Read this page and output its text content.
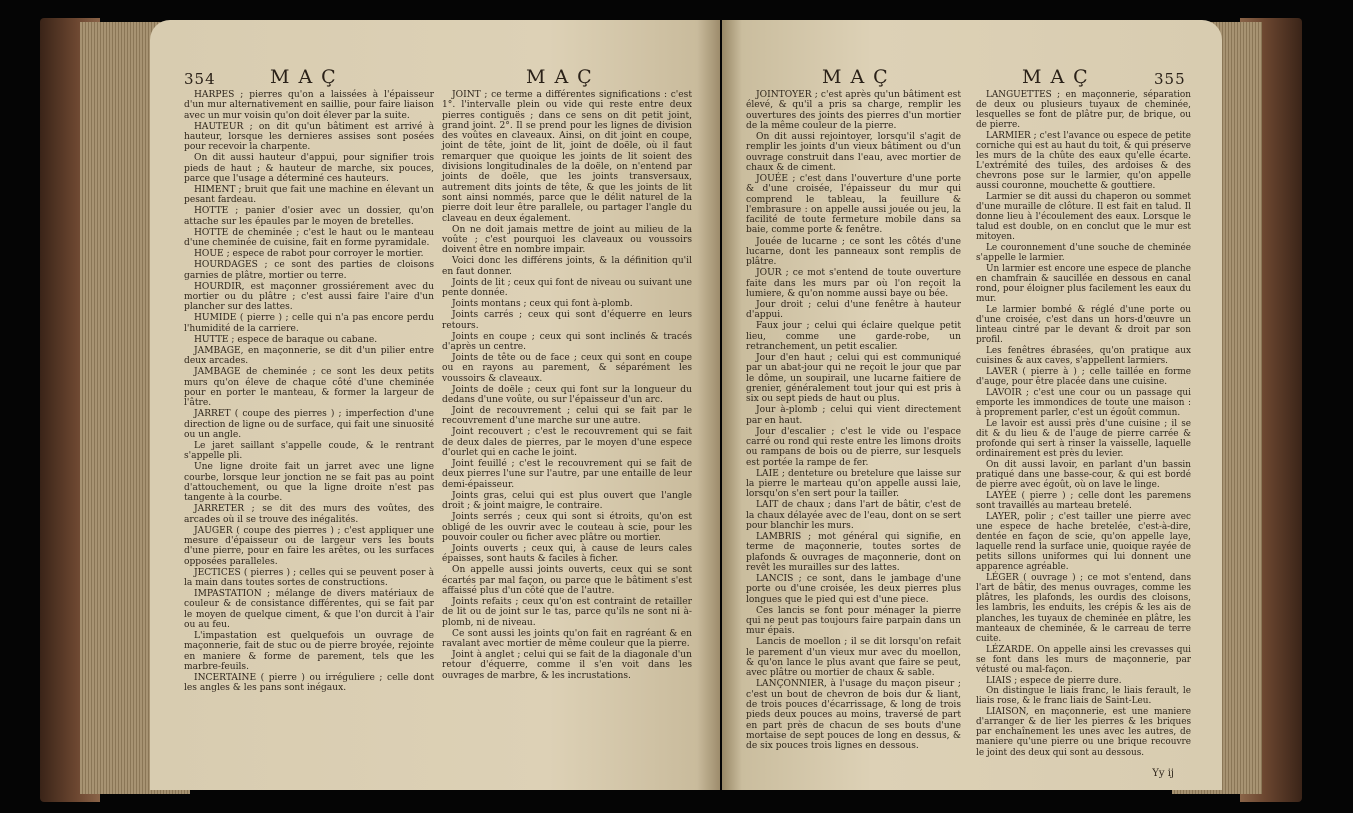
354	MAÇ	MAÇ

HARPES ; pierres qu'on a laissées à l'épaisseur d'un mur alternativement en saillie, pour faire liaison avec un mur voisin qu'on doit élever par la suite.

HAUTEUR ; on dit qu'un bâtiment est arrivé à hauteur, lorsque les dernieres assises sont posées pour recevoir la charpente.

On dit aussi hauteur d'appui, pour signifier trois pieds de haut ; & hauteur de marche, six pouces, parce que l'usage a déterminé ces hauteurs.

HIMENT ; bruit que fait une machine en élevant un pesant fardeau.

HOTTE ; panier d'osier avec un dossier, qu'on attache sur les épaules par le moyen de bretelles.

HOTTE de cheminée ; c'est le haut ou le manteau d'une cheminée de cuisine, fait en forme pyramidale.

HOUE ; espece de rabot pour corroyer le mortier.

HOURDAGES ; ce sont des parties de cloisons garnies de plâtre, mortier ou terre.

HOURDIR, est maçonner grossiérement avec du mortier ou du plâtre ; c'est aussi faire l'aire d'un plancher sur des lattes.

HUMIDE ( pierre ) ; celle qui n'a pas encore perdu l'humidité de la carriere.

HUTTE ; espece de baraque ou cabane.

JAMBAGE, en maçonnerie, se dit d'un pilier entre deux arcades.

JAMBAGE de cheminée ; ce sont les deux petits murs qu'on éleve de chaque côté d'une cheminée pour en porter le manteau, & former la largeur de l'âtre.

JARRET ( coupe des pierres ) ; imperfection d'une direction de ligne ou de surface, qui fait une sinuosité ou un angle.

Le jaret saillant s'appelle coude, & le rentrant s'appelle pli.

Une ligne droite fait un jarret avec une ligne courbe, lorsque leur jonction ne se fait pas au point d'attouchement, ou que la ligne droite n'est pas tangente à la courbe.

JARRETER ; se dit des murs des voûtes, des arcades où il se trouve des inégalités.

JAUGER ( coupe des pierres ) ; c'est appliquer une mesure d'épaisseur ou de largeur vers les bouts d'une pierre, pour en faire les arêtes, ou les surfaces opposées paralleles.

JECTICES ( pierres ) ; celles qui se peuvent poser à la main dans toutes sortes de constructions.

IMPASTATION ; mélange de divers matériaux de couleur & de consistance différentes, qui se fait par le moyen de quelque ciment, & que l'on durcit à l'air ou au feu.

L'impastation est quelquefois un ouvrage de maçonnerie, fait de stuc ou de pierre broyée, rejointe en maniere & forme de parement, tels que les marbre-feuils.

INCERTAINE ( pierre ) ou irréguliere ; celle dont les angles & les pans sont inégaux.

JOINT ; ce terme a différentes significations : c'est 1°. l'intervalle plein ou vide qui reste entre deux pierres contiguës ; dans ce sens on dit petit joint, grand joint. 2°. Il se prend pour les lignes de division des voûtes en claveaux. Ainsi, on dit joint en coupe, joint de tête, joint de lit, joint de doële, où il faut remarquer que quoique les joints de lit soient des divisions longitudinales de la doële, on n'entend par joints de doële, que les joints transversaux, autrement dits joints de tête, & que les joints de lit sont ainsi nommés, parce que le délit naturel de la pierre doit leur être parallele, ou partager l'angle du claveau en deux également.

On ne doit jamais mettre de joint au milieu de la voûte ; c'est pourquoi les claveaux ou voussoirs doivent être en nombre impair.

Voici donc les différens joints, & la définition qu'il en faut donner.

Joints de lit ; ceux qui font de niveau ou suivant une pente donnée.

Joints montans ; ceux qui font à-plomb.

Joints carrés ; ceux qui sont d'équerre en leurs retours.

Joints en coupe ; ceux qui sont inclinés & tracés d'après un centre.

Joints de tête ou de face ; ceux qui sont en coupe ou en rayons au parement, & séparément les voussoirs & claveaux.

Joints de doële ; ceux qui font sur la longueur du dedans d'une voûte, ou sur l'épaisseur d'un arc.

Joint de recouvrement ; celui qui se fait par le recouvrement d'une marche sur une autre.

Joint recouvert ; c'est le recouvrement qui se fait de deux dales de pierres, par le moyen d'une espece d'ourlet qui en cache le joint.

Joint feuillé ; c'est le recouvrement qui se fait de deux pierres l'une sur l'autre, par une entaille de leur demi-épaisseur.

Joints gras, celui qui est plus ouvert que l'angle droit ; & joint maigre, le contraire.

Joints serrés ; ceux qui sont si étroits, qu'on est obligé de les ouvrir avec le couteau à scie, pour les pouvoir couler ou ficher avec plâtre ou mortier.

Joints ouverts ; ceux qui, à cause de leurs cales épaisses, sont hauts & faciles à ficher.

On appelle aussi joints ouverts, ceux qui se sont écartés par mal façon, ou parce que le bâtiment s'est affaissé plus d'un côté que de l'autre.

Joints refaits ; ceux qu'on est contraint de retailler de lit ou de joint sur le tas, parce qu'ils ne sont ni à-plomb, ni de niveau.

Ce sont aussi les joints qu'on fait en ragréant & en ravalant avec mortier de même couleur que la pierre.

Joint à anglet ; celui qui se fait de la diagonale d'un retour d'équerre, comme il s'en voit dans les ouvrages de marbre, & les incrustations.

MAÇ	MAÇ	355

JOINTOYER ; c'est après qu'un bâtiment est élevé, & qu'il a pris sa charge, remplir les ouvertures des joints des pierres d'un mortier de la même couleur de la pierre.

On dit aussi rejointoyer, lorsqu'il s'agit de remplir les joints d'un vieux bâtiment ou d'un ouvrage construit dans l'eau, avec mortier de chaux & de ciment.

JOUÉE ; c'est dans l'ouverture d'une porte & d'une croisée, l'épaisseur du mur qui comprend le tableau, la feuillure & l'embrasure : on appelle aussi jouée ou jeu, la facilité de toute fermeture mobile dans sa baie, comme porte & fenêtre.

Jouée de lucarne ; ce sont les côtés d'une lucarne, dont les panneaux sont remplis de plâtre.

JOUR ; ce mot s'entend de toute ouverture faite dans les murs par où l'on reçoit la lumiere, & qu'on nomme aussi baye ou bée.

Jour droit ; celui d'une fenêtre à hauteur d'appui.

Faux jour ; celui qui éclaire quelque petit lieu, comme une garde-robe, un retranchement, un petit escalier.

Jour d'en haut ; celui qui est communiqué par un abat-jour qui ne reçoit le jour que par le dôme, un soupirail, une lucarne faitiere de grenier, généralement tout jour qui est pris à six ou sept pieds de haut ou plus.

Jour à-plomb ; celui qui vient directement par en haut.

Jour d'escalier ; c'est le vide ou l'espace carré ou rond qui reste entre les limons droits ou rampans de bois ou de pierre, sur lesquels est portée la rampe de fer.

LAIE ; denteture ou bretelure que laisse sur la pierre le marteau qu'on appelle aussi laie, lorsqu'on s'en sert pour la tailler.

LAIT de chaux ; dans l'art de bâtir, c'est de la chaux délayée avec de l'eau, dont on se sert pour blanchir les murs.

LAMBRIS ; mot général qui signifie, en terme de maçonnerie, toutes sortes de plafonds & ouvrages de maçonnerie, dont on revêt les murailles sur des lattes.

LANCIS ; ce sont, dans le jambage d'une porte ou d'une croisée, les deux pierres plus longues que le pied qui est d'une piece.

Ces lancis se font pour ménager la pierre qui ne peut pas toujours faire parpain dans un mur épais.

Lancis de moellon ; il se dit lorsqu'on refait le parement d'un vieux mur avec du moellon, & qu'on lance le plus avant que faire se peut, avec plâtre ou mortier de chaux & sable.

LANÇONNIER, à l'usage du maçon piseur ; c'est un bout de chevron de bois dur & liant, de trois pouces d'écarrissage, & long de trois pieds deux pouces au moins, traversé de part en part près de chacun de ses bouts d'une mortaise de sept pouces de long en dessus, & de six pouces trois lignes en dessous.

LANGUETTES ; en maçonnerie, séparation de deux ou plusieurs tuyaux de cheminée, lesquelles se font de plâtre pur, de brique, ou de pierre.

LARMIER ; c'est l'avance ou espece de petite corniche qui est au haut du toit, & qui préserve les murs de la chûte des eaux qu'elle écarte. L'extrémité des tuiles, des ardoises & des chevrons pose sur le larmier, qu'on appelle aussi couronne, mouchette & gouttiere.

Larmier se dit aussi du chaperon ou sommet d'une muraille de clôture. Il est fait en talud. Il donne lieu à l'écoulement des eaux. Lorsque le talud est double, on en conclut que le mur est mitoyen.

Le couronnement d'une souche de cheminée s'appelle le larmier.

Un larmier est encore une espece de planche en chamfrain & saucillée en dessous en canal rond, pour éloigner plus facilement les eaux du mur.

Le larmier bombé & réglé d'une porte ou d'une croisée, c'est dans un hors-d'œuvre un linteau cintré par le devant & droit par son profil.

Les fenêtres ébrasées, qu'on pratique aux cuisines & aux caves, s'appellent larmiers.

LAVER ( pierre à ) ; celle taillée en forme d'auge, pour être placée dans une cuisine.

LAVOIR ; c'est une cour ou un passage qui emporte les immondices de toute une maison : à proprement parler, c'est un égoût commun.

Le lavoir est aussi près d'une cuisine ; il se dit & du lieu & de l'auge de pierre carrée & profonde qui sert à rinser la vaisselle, laquelle ordinairement est près du levier.

On dit aussi lavoir, en parlant d'un bassin pratiqué dans une basse-cour, & qui est bordé de pierre avec égoût, où on lave le linge.

LAYÉE ( pierre ) ; celle dont les paremens sont travaillés au marteau bretelé.

LAYER, polir ; c'est tailler une pierre avec une espece de hache bretelée, c'est-à-dire, dentée en façon de scie, qu'on appelle laye, laquelle rend la surface unie, quoique rayée de petits sillons uniformes qui lui donnent une apparence agréable.

LÉGER ( ouvrage ) ; ce mot s'entend, dans l'art de bâtir, des menus ouvrages, comme les plâtres, les plafonds, les ourdis des cloisons, les lambris, les enduits, les crépis & les ais de planches, les tuyaux de cheminée en plâtre, les manteaux de cheminée, & le carreau de terre cuite.

LÉZARDE. On appelle ainsi les crevasses qui se font dans les murs de maçonnerie, par vétusté ou mal-façon.

LIAIS ; espece de pierre dure.

On distingue le liais franc, le liais ferault, le liais rose, & le franc liais de Saint-Leu.

LIAISON, en maçonnerie, est une maniere d'arranger & de lier les pierres & les briques par enchaînement les unes avec les autres, de maniere qu'une pierre ou une brique recouvre le joint des deux qui sont au dessous.

Yy ij
